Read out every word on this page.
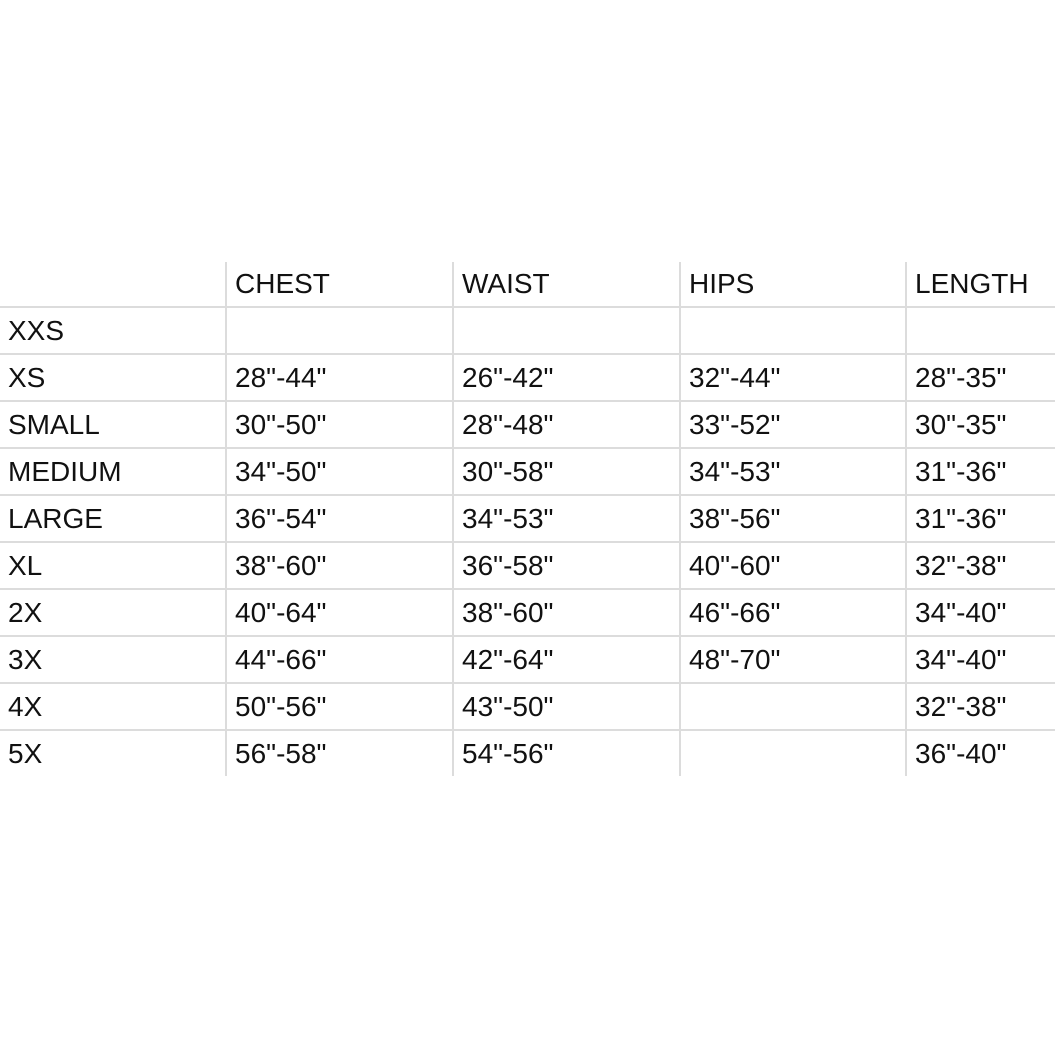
	CHEST	WAIST	HIPS	LENGTH
XXS				
XS	28"-44"	26"-42"	32"-44"	28"-35"
SMALL	30"-50"	28"-48"	33"-52"	30"-35"
MEDIUM	34"-50"	30"-58"	34"-53"	31"-36"
LARGE	36"-54"	34"-53"	38"-56"	31"-36"
XL	38"-60"	36"-58"	40"-60"	32"-38"
2X	40"-64"	38"-60"	46"-66"	34"-40"
3X	44"-66"	42"-64"	48"-70"	34"-40"
4X	50"-56"	43"-50"		32"-38"
5X	56"-58"	54"-56"		36"-40"
